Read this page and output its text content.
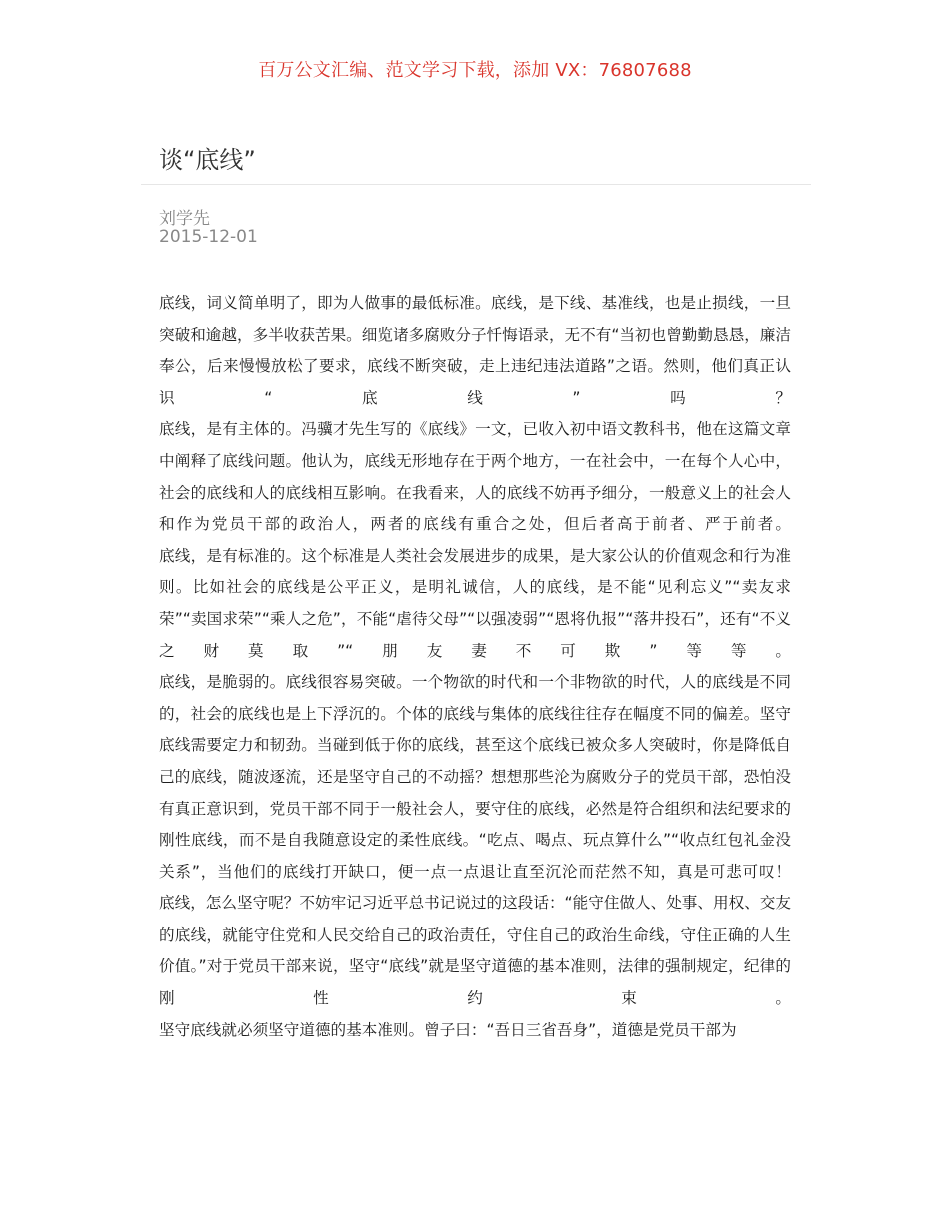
百万公文汇编、范文学习下载，添加 VX：76807688
谈“底线”
刘学先
2015-12-01

底线，词义简单明了，即为人做事的最低标准。底线，是下线、基准线，也是止损线，一旦突破和逾越，多半收获苦果。细览诸多腐败分子忏悔语录，无不有“当初也曾勤勤恳恳，廉洁奉公，后来慢慢放松了要求，底线不断突破，走上违纪违法道路”之语。然则，他们真正认识“底线”吗？

底线，是有主体的。冯骥才先生写的《底线》一文，已收入初中语文教科书，他在这篇文章中阐释了底线问题。他认为，底线无形地存在于两个地方，一在社会中，一在每个人心中，社会的底线和人的底线相互影响。在我看来，人的底线不妨再予细分，一般意义上的社会人和作为党员干部的政治人，两者的底线有重合之处，但后者高于前者、严于前者。

底线，是有标准的。这个标准是人类社会发展进步的成果，是大家公认的价值观念和行为准则。比如社会的底线是公平正义，是明礼诚信，人的底线，是不能“见利忘义”“卖友求荣”“卖国求荣”“乘人之危”，不能“虐待父母”“以强凌弱”“恩将仇报”“落井投石”，还有“不义之财莫取”“朋友妻不可欺”等等。

底线，是脆弱的。底线很容易突破。一个物欲的时代和一个非物欲的时代，人的底线是不同的，社会的底线也是上下浮沉的。个体的底线与集体的底线往往存在幅度不同的偏差。坚守底线需要定力和韧劲。当碰到低于你的底线，甚至这个底线已被众多人突破时，你是降低自己的底线，随波逐流，还是坚守自己的不动摇？想想那些沦为腐败分子的党员干部，恐怕没有真正意识到，党员干部不同于一般社会人，要守住的底线，必然是符合组织和法纪要求的刚性底线，而不是自我随意设定的柔性底线。“吃点、喝点、玩点算什么”“收点红包礼金没关系”，当他们的底线打开缺口，便一点一点退让直至沉沦而茫然不知，真是可悲可叹！

底线，怎么坚守呢？不妨牢记习近平总书记说过的这段话：“能守住做人、处事、用权、交友的底线，就能守住党和人民交给自己的政治责任，守住自己的政治生命线，守住正确的人生价值。”对于党员干部来说，坚守“底线”就是坚守道德的基本准则，法律的强制规定，纪律的刚性约束。

坚守底线就必须坚守道德的基本准则。曾子曰：“吾日三省吾身”，道德是党员干部为
